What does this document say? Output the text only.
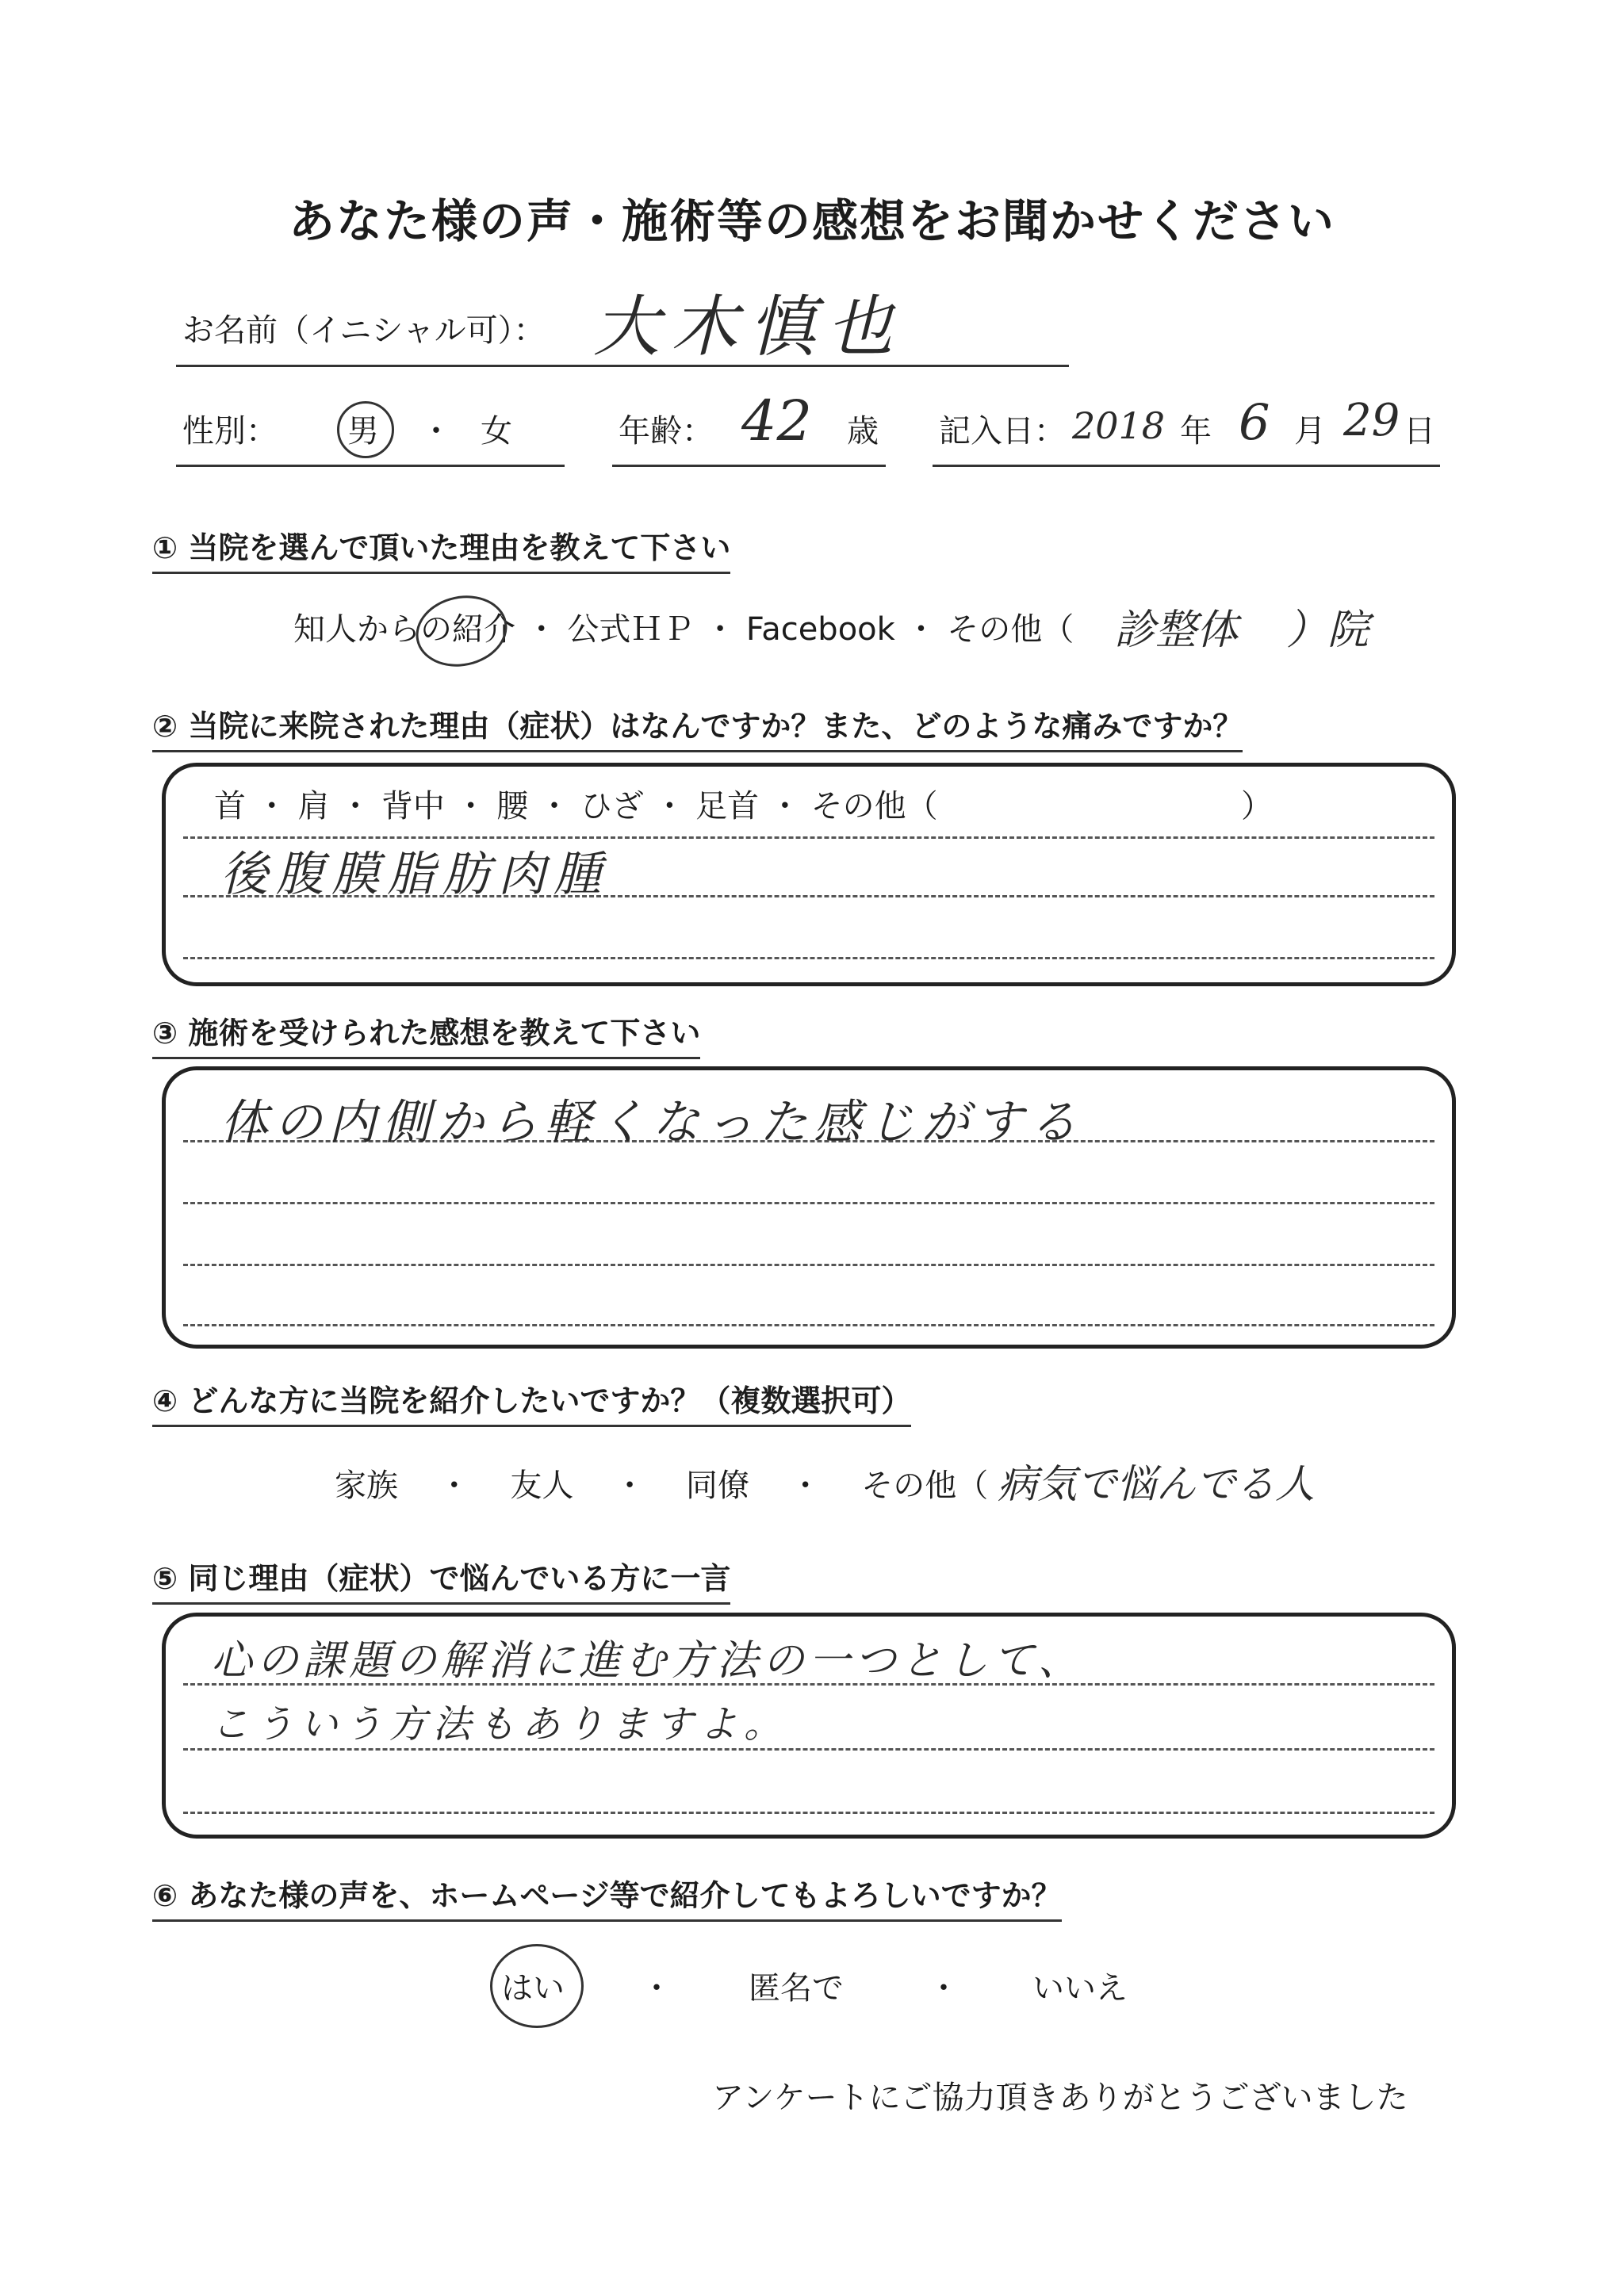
あなた様の声・施術等の感想をお聞かせください
お名前（イニシャル可）： 大木慎也
性別： 男 ・ 女	年齢： 42 歳 記入日： 2018 年 6 月 29 日
① 当院を選んで頂いた理由を教えて下さい
知人からの紹介 ・ 公式ＨＰ ・ Facebook ・ その他（ 診整体 ）院
② 当院に来院された理由（症状）はなんですか？また、どのような痛みですか？
首 ・ 肩 ・ 背中 ・ 腰 ・ ひざ ・ 足首 ・ その他（	）
後腹膜脂肪肉腫
③ 施術を受けられた感想を教えて下さい
体の内側から軽くなった感じがする
④ どんな方に当院を紹介したいですか？（複数選択可）
家族 ・ 友人 ・ 同僚 ・ その他（ 病気で悩んでる人
⑤ 同じ理由（症状）で悩んでいる方に一言
心の課題の解消に進む方法の一つとして、
こういう方法もありますよ。
⑥ あなた様の声を、ホームページ等で紹介してもよろしいですか？
はい ・ 匿名で	・ いいえ
アンケートにご協力頂きありがとうございました
